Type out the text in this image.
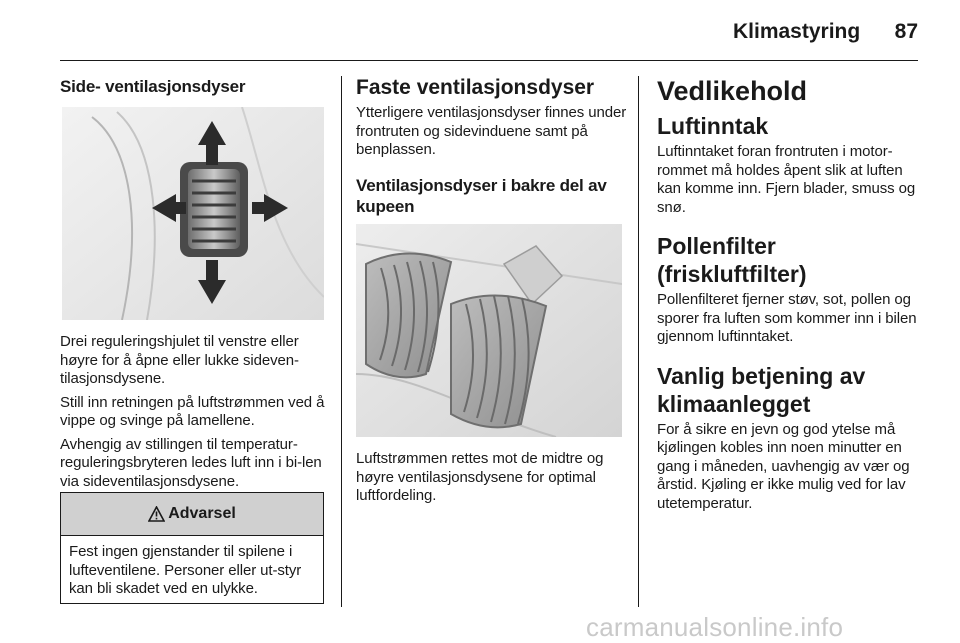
Klimastyring	87
Side- ventilasjonsdyser

Drei reguleringshjulet til venstre eller høyre for å åpne eller lukke sideven-tilasjonsdysene.

Still inn retningen på luftstrømmen ved å vippe og svinge på lamellene.

Avhengig av stillingen til temperatur-reguleringsbryteren ledes luft inn i bi-len via sideventilasjonsdysene.

Advarsel

Fest ingen gjenstander til spilene i lufteventilene. Personer eller ut-styr kan bli skadet ved en ulykke.

Faste ventilasjonsdyser

Ytterligere ventilasjonsdyser finnes under frontruten og sidevinduene samt på benplassen.

Ventilasjonsdyser i bakre del av kupeen

Luftstrømmen rettes mot de midtre og høyre ventilasjonsdysene for optimal luftfordeling.

Vedlikehold
Luftinntak

Luftinntaket foran frontruten i motor-rommet må holdes åpent slik at luften kan komme inn. Fjern blader, smuss og snø.

Pollenfilter (friskluftfilter)

Pollenfilteret fjerner støv, sot, pollen og sporer fra luften som kommer inn i bilen gjennom luftinntaket.

Vanlig betjening av klimaanlegget

For å sikre en jevn og god ytelse må kjølingen kobles inn noen minutter en gang i måneden, uavhengig av vær og årstid. Kjøling er ikke mulig ved for lav utetemperatur.

carmanualsonline.info
